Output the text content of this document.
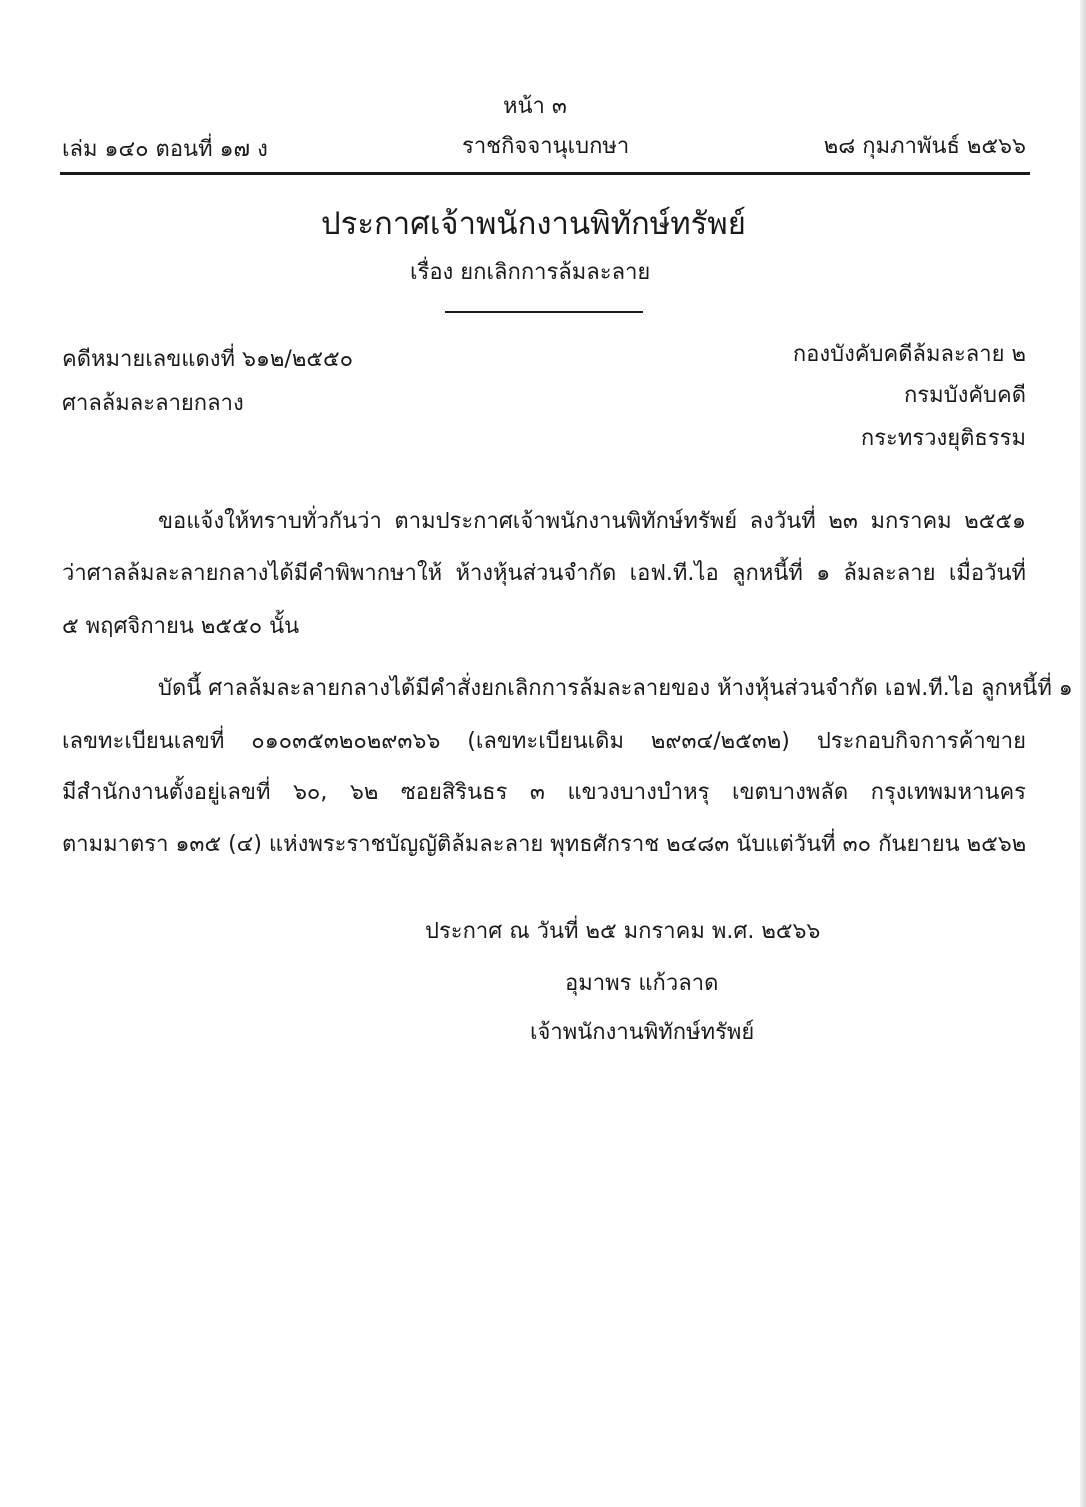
หน้า ๓
เล่ม ๑๔๐ ตอนที่ ๑๗ ง	ราชกิจจานุเบกษา	๒๘ กุมภาพันธ์ ๒๕๖๖
ประกาศเจ้าพนักงานพิทักษ์ทรัพย์
เรื่อง ยกเลิกการล้มละลาย
คดีหมายเลขแดงที่ ๖๑๒/๒๕๕๐
ศาลล้มละลายกลาง
กองบังคับคดีล้มละลาย ๒
กรมบังคับคดี
กระทรวงยุติธรรม
ขอแจ้งให้ทราบทั่วกันว่า ตามประกาศเจ้าพนักงานพิทักษ์ทรัพย์ ลงวันที่ ๒๓ มกราคม ๒๕๕๑
ว่าศาลล้มละลายกลางได้มีคำพิพากษาให้ ห้างหุ้นส่วนจำกัด เอฟ.ที.ไอ ลูกหนี้ที่ ๑ ล้มละลาย เมื่อวันที่
๕ พฤศจิกายน ๒๕๕๐ นั้น
บัดนี้ ศาลล้มละลายกลางได้มีคำสั่งยกเลิกการล้มละลายของ ห้างหุ้นส่วนจำกัด เอฟ.ที.ไอ ลูกหนี้ที่ ๑
เลขทะเบียนเลขที่ ๐๑๐๓๕๓๒๐๒๙๓๖๖ (เลขทะเบียนเดิม ๒๙๓๔/๒๕๓๒) ประกอบกิจการค้าขาย
มีสำนักงานตั้งอยู่เลขที่ ๖๐, ๖๒ ซอยสิรินธร ๓ แขวงบางบำหรุ เขตบางพลัด กรุงเทพมหานคร
ตามมาตรา ๑๓๕ (๔) แห่งพระราชบัญญัติล้มละลาย พุทธศักราช ๒๔๘๓ นับแต่วันที่ ๓๐ กันยายน ๒๕๖๒
ประกาศ ณ วันที่ ๒๕ มกราคม พ.ศ. ๒๕๖๖
อุมาพร แก้วลาด
เจ้าพนักงานพิทักษ์ทรัพย์
